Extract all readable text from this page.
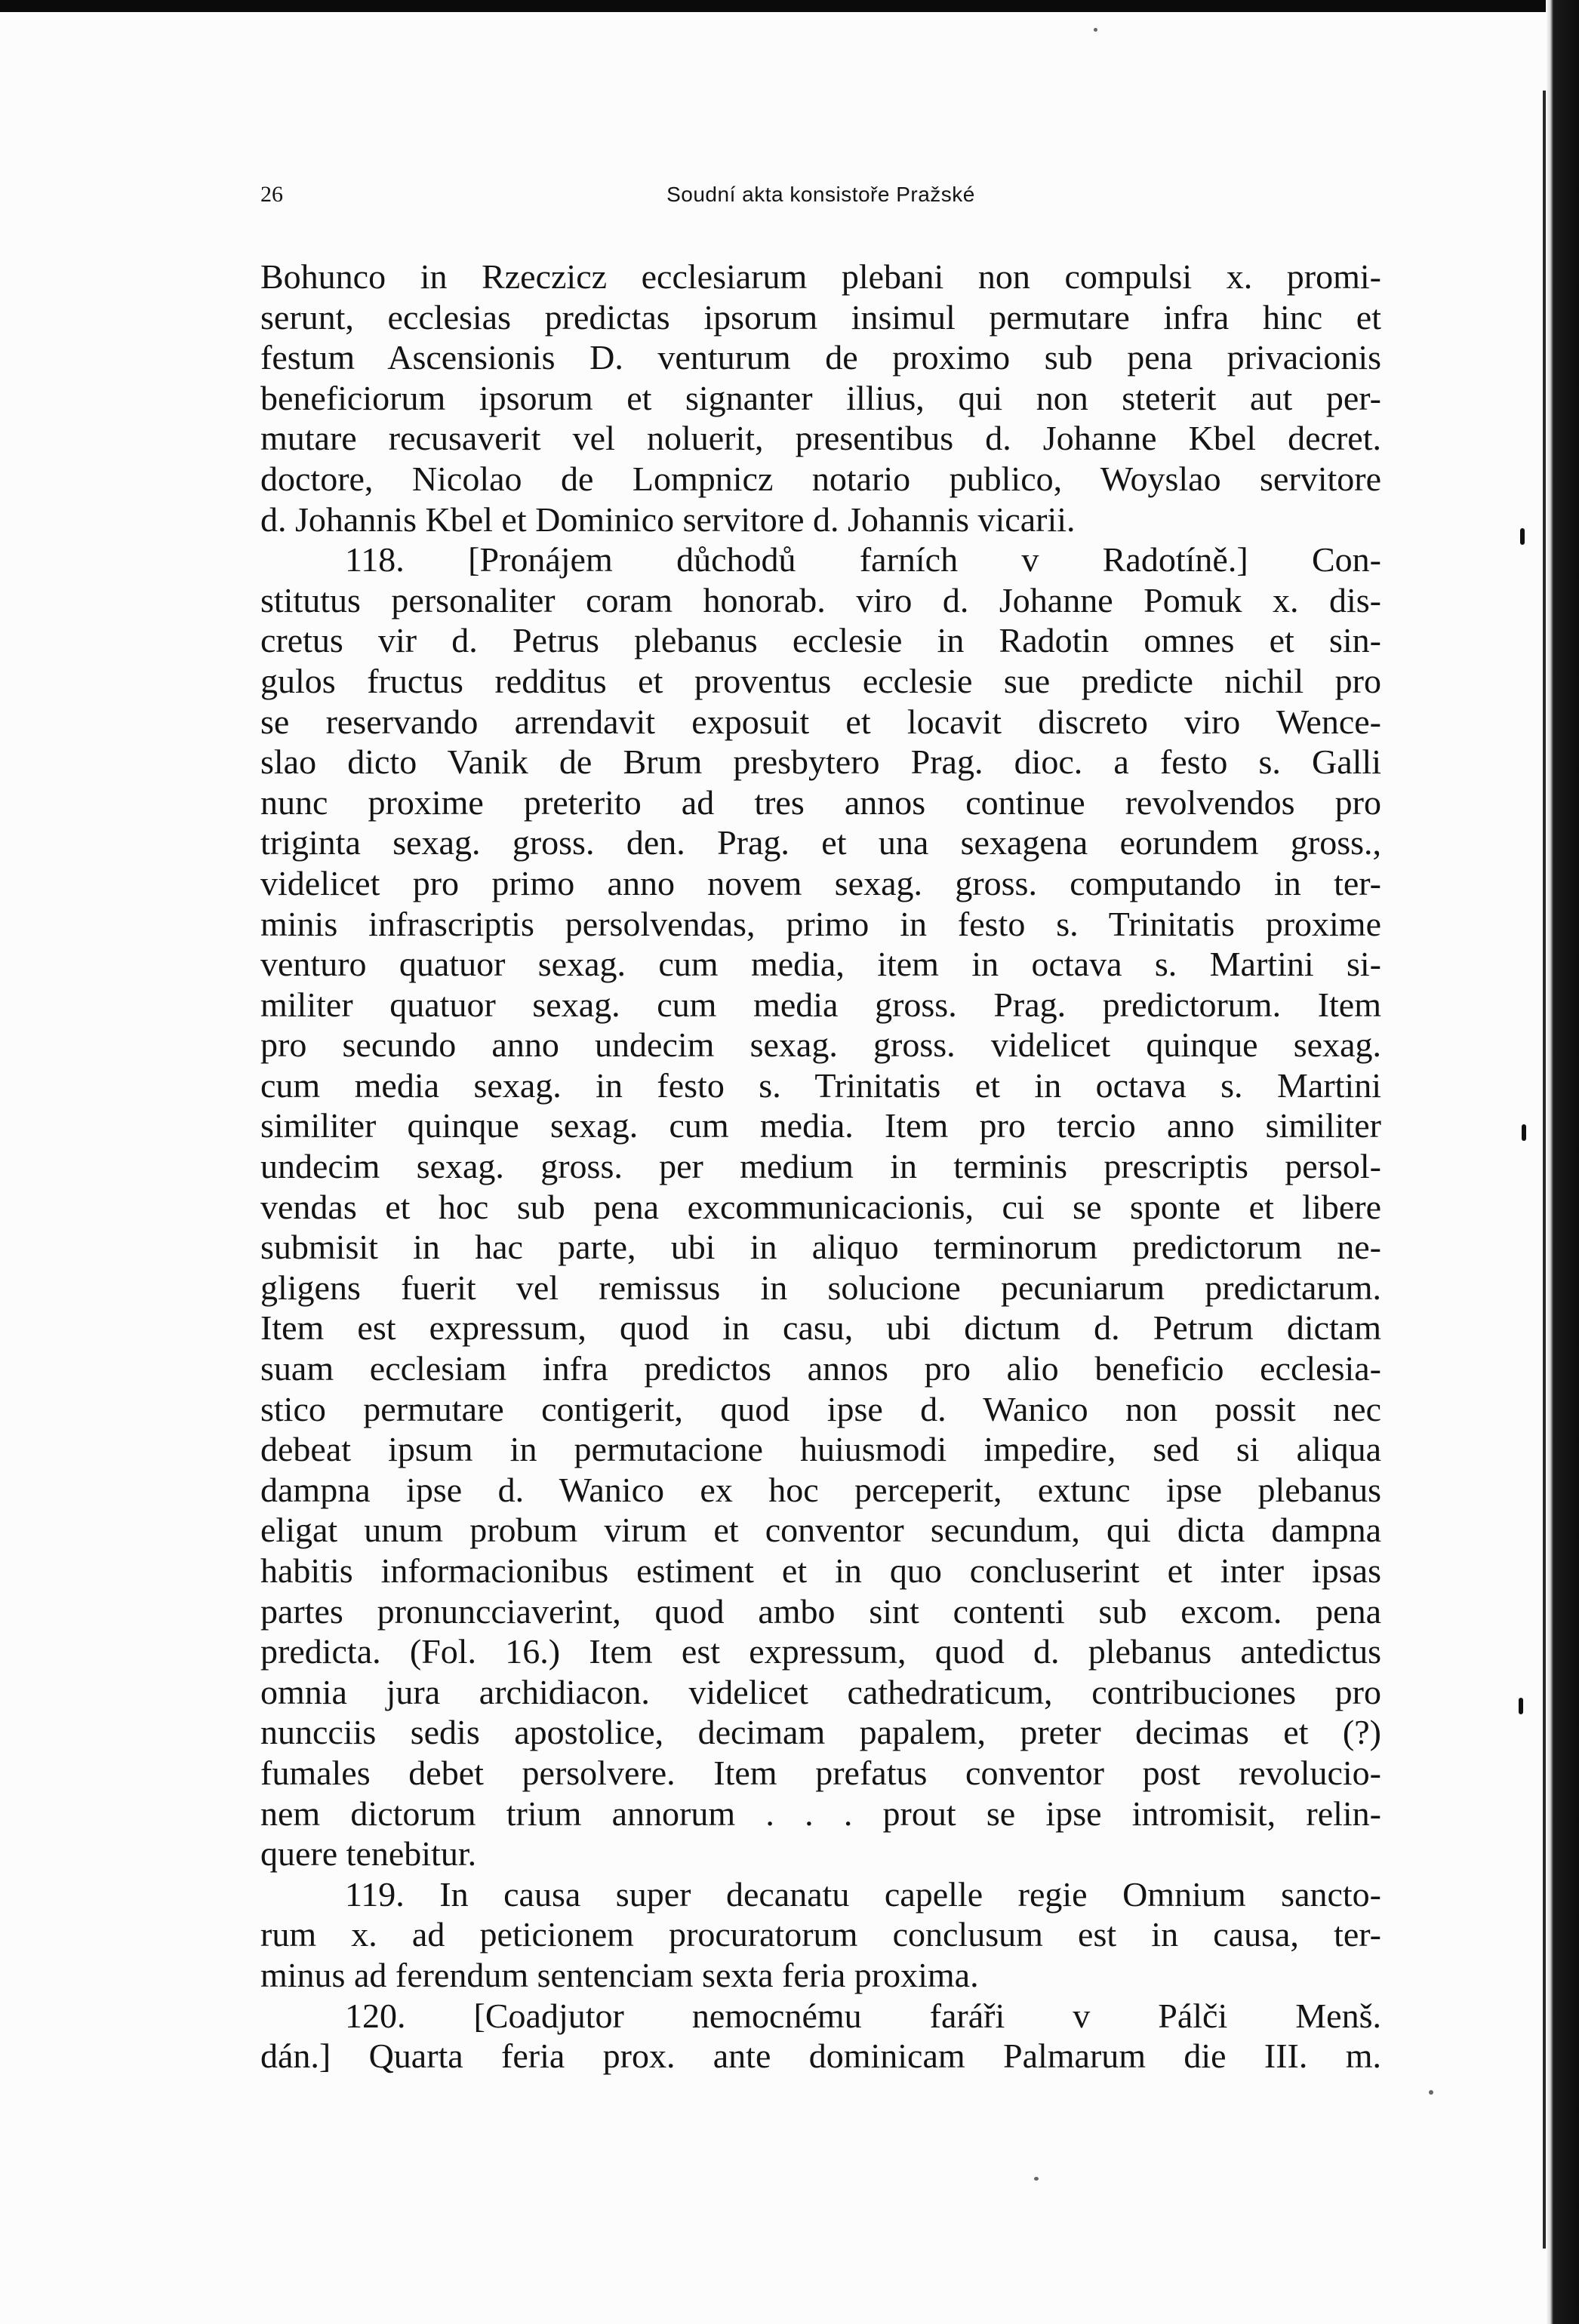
26	Soudní akta konsistoře Pražské
Bohunco in Rzeczicz ecclesiarum plebani non compulsi x. promi-
serunt, ecclesias predictas ipsorum insimul permutare infra hinc et
festum Ascensionis D. venturum de proximo sub pena privacionis
beneficiorum ipsorum et signanter illius, qui non steterit aut per-
mutare recusaverit vel noluerit, presentibus d. Johanne Kbel decret.
doctore, Nicolao de Lompnicz notario publico, Woyslao servitore
d. Johannis Kbel et Dominico servitore d. Johannis vicarii.
118. [Pronájem důchodů farních v Radotíně.] Con-
stitutus personaliter coram honorab. viro d. Johanne Pomuk x. dis-
cretus vir d. Petrus plebanus ecclesie in Radotin omnes et sin-
gulos fructus redditus et proventus ecclesie sue predicte nichil pro
se reservando arrendavit exposuit et locavit discreto viro Wence-
slao dicto Vanik de Brum presbytero Prag. dioc. a festo s. Galli
nunc proxime preterito ad tres annos continue revolvendos pro
triginta sexag. gross. den. Prag. et una sexagena eorundem gross.,
videlicet pro primo anno novem sexag. gross. computando in ter-
minis infrascriptis persolvendas, primo in festo s. Trinitatis proxime
venturo quatuor sexag. cum media, item in octava s. Martini si-
militer quatuor sexag. cum media gross. Prag. predictorum. Item
pro secundo anno undecim sexag. gross. videlicet quinque sexag.
cum media sexag. in festo s. Trinitatis et in octava s. Martini
similiter quinque sexag. cum media. Item pro tercio anno similiter
undecim sexag. gross. per medium in terminis prescriptis persol-
vendas et hoc sub pena excommunicacionis, cui se sponte et libere
submisit in hac parte, ubi in aliquo terminorum predictorum ne-
gligens fuerit vel remissus in solucione pecuniarum predictarum.
Item est expressum, quod in casu, ubi dictum d. Petrum dictam
suam ecclesiam infra predictos annos pro alio beneficio ecclesia-
stico permutare contigerit, quod ipse d. Wanico non possit nec
debeat ipsum in permutacione huiusmodi impedire, sed si aliqua
dampna ipse d. Wanico ex hoc perceperit, extunc ipse plebanus
eligat unum probum virum et conventor secundum, qui dicta dampna
habitis informacionibus estiment et in quo concluserint et inter ipsas
partes pronuncciaverint, quod ambo sint contenti sub excom. pena
predicta. (Fol. 16.) Item est expressum, quod d. plebanus antedictus
omnia jura archidiacon. videlicet cathedraticum, contribuciones pro
nuncciis sedis apostolice, decimam papalem, preter decimas et (?)
fumales debet persolvere. Item prefatus conventor post revolucio-
nem dictorum trium annorum . . . prout se ipse intromisit, relin-
quere tenebitur.
119. In causa super decanatu capelle regie Omnium sancto-
rum x. ad peticionem procuratorum conclusum est in causa, ter-
minus ad ferendum sentenciam sexta feria proxima.
120. [Coadjutor nemocnému faráři v Pálči Menš.
dán.] Quarta feria prox. ante dominicam Palmarum die III. m.
